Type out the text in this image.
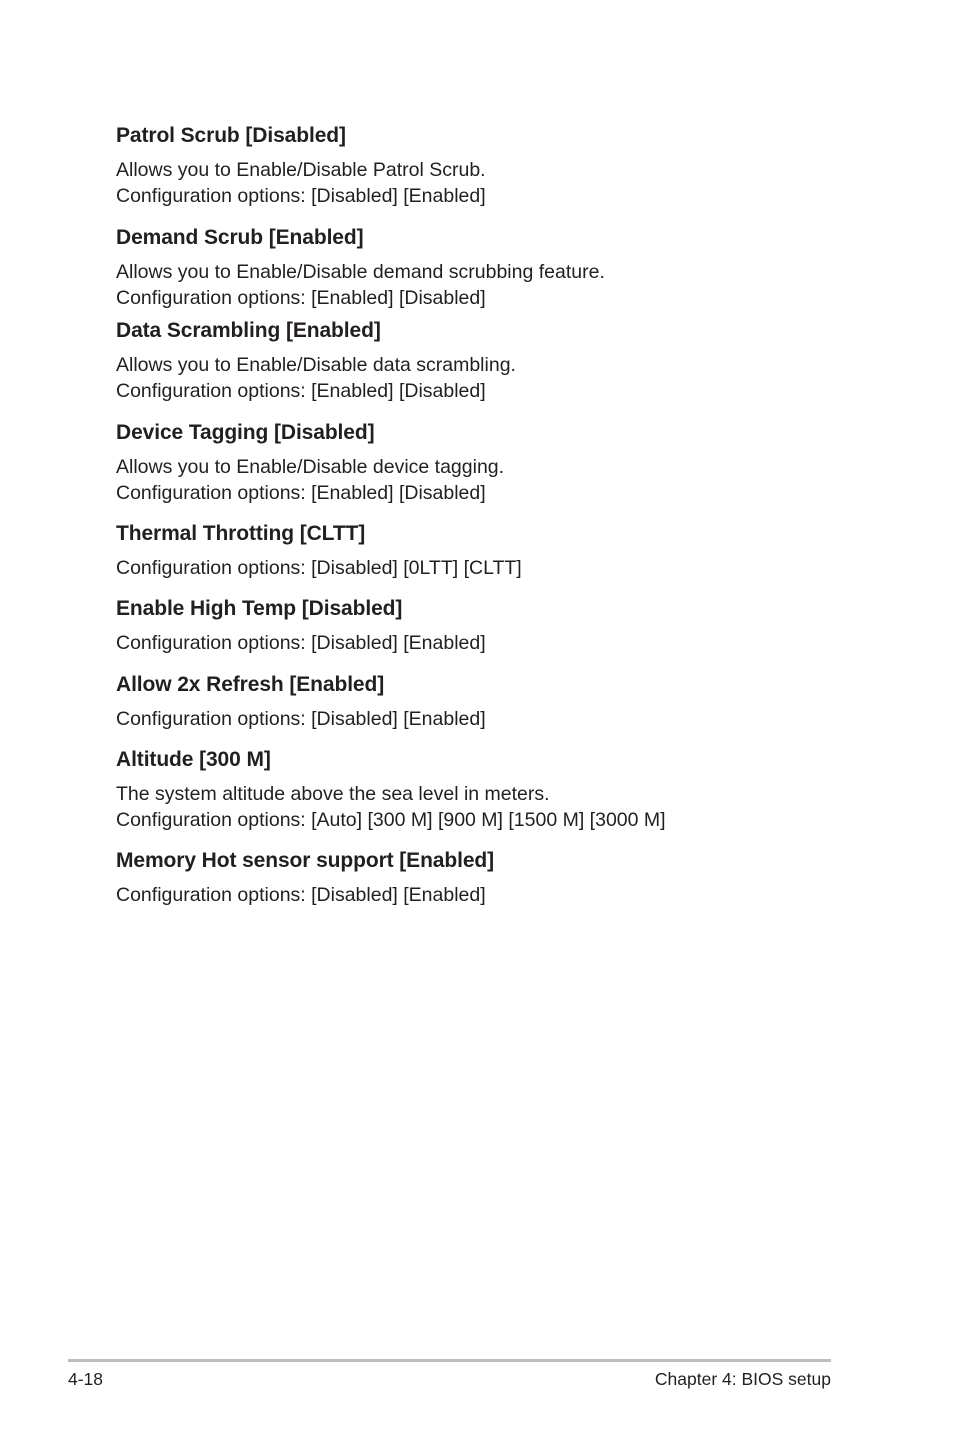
Patrol Scrub [Disabled]

Allows you to Enable/Disable Patrol Scrub.

Configuration options: [Disabled] [Enabled]

Demand Scrub [Enabled]

Allows you to Enable/Disable demand scrubbing feature.

Configuration options: [Enabled] [Disabled]

Data Scrambling [Enabled]

Allows you to Enable/Disable data scrambling.

Configuration options: [Enabled] [Disabled]

Device Tagging [Disabled]

Allows you to Enable/Disable device tagging.

Configuration options: [Enabled] [Disabled]

Thermal Throtting [CLTT]

Configuration options: [Disabled] [0LTT] [CLTT]

Enable High Temp [Disabled]

Configuration options: [Disabled] [Enabled]

Allow 2x Refresh [Enabled]

Configuration options: [Disabled] [Enabled]

Altitude [300 M]

The system altitude above the sea level in meters.

Configuration options: [Auto] [300 M] [900 M] [1500 M] [3000 M]

Memory Hot sensor support [Enabled]

Configuration options: [Disabled] [Enabled]

4-18	Chapter 4: BIOS setup
